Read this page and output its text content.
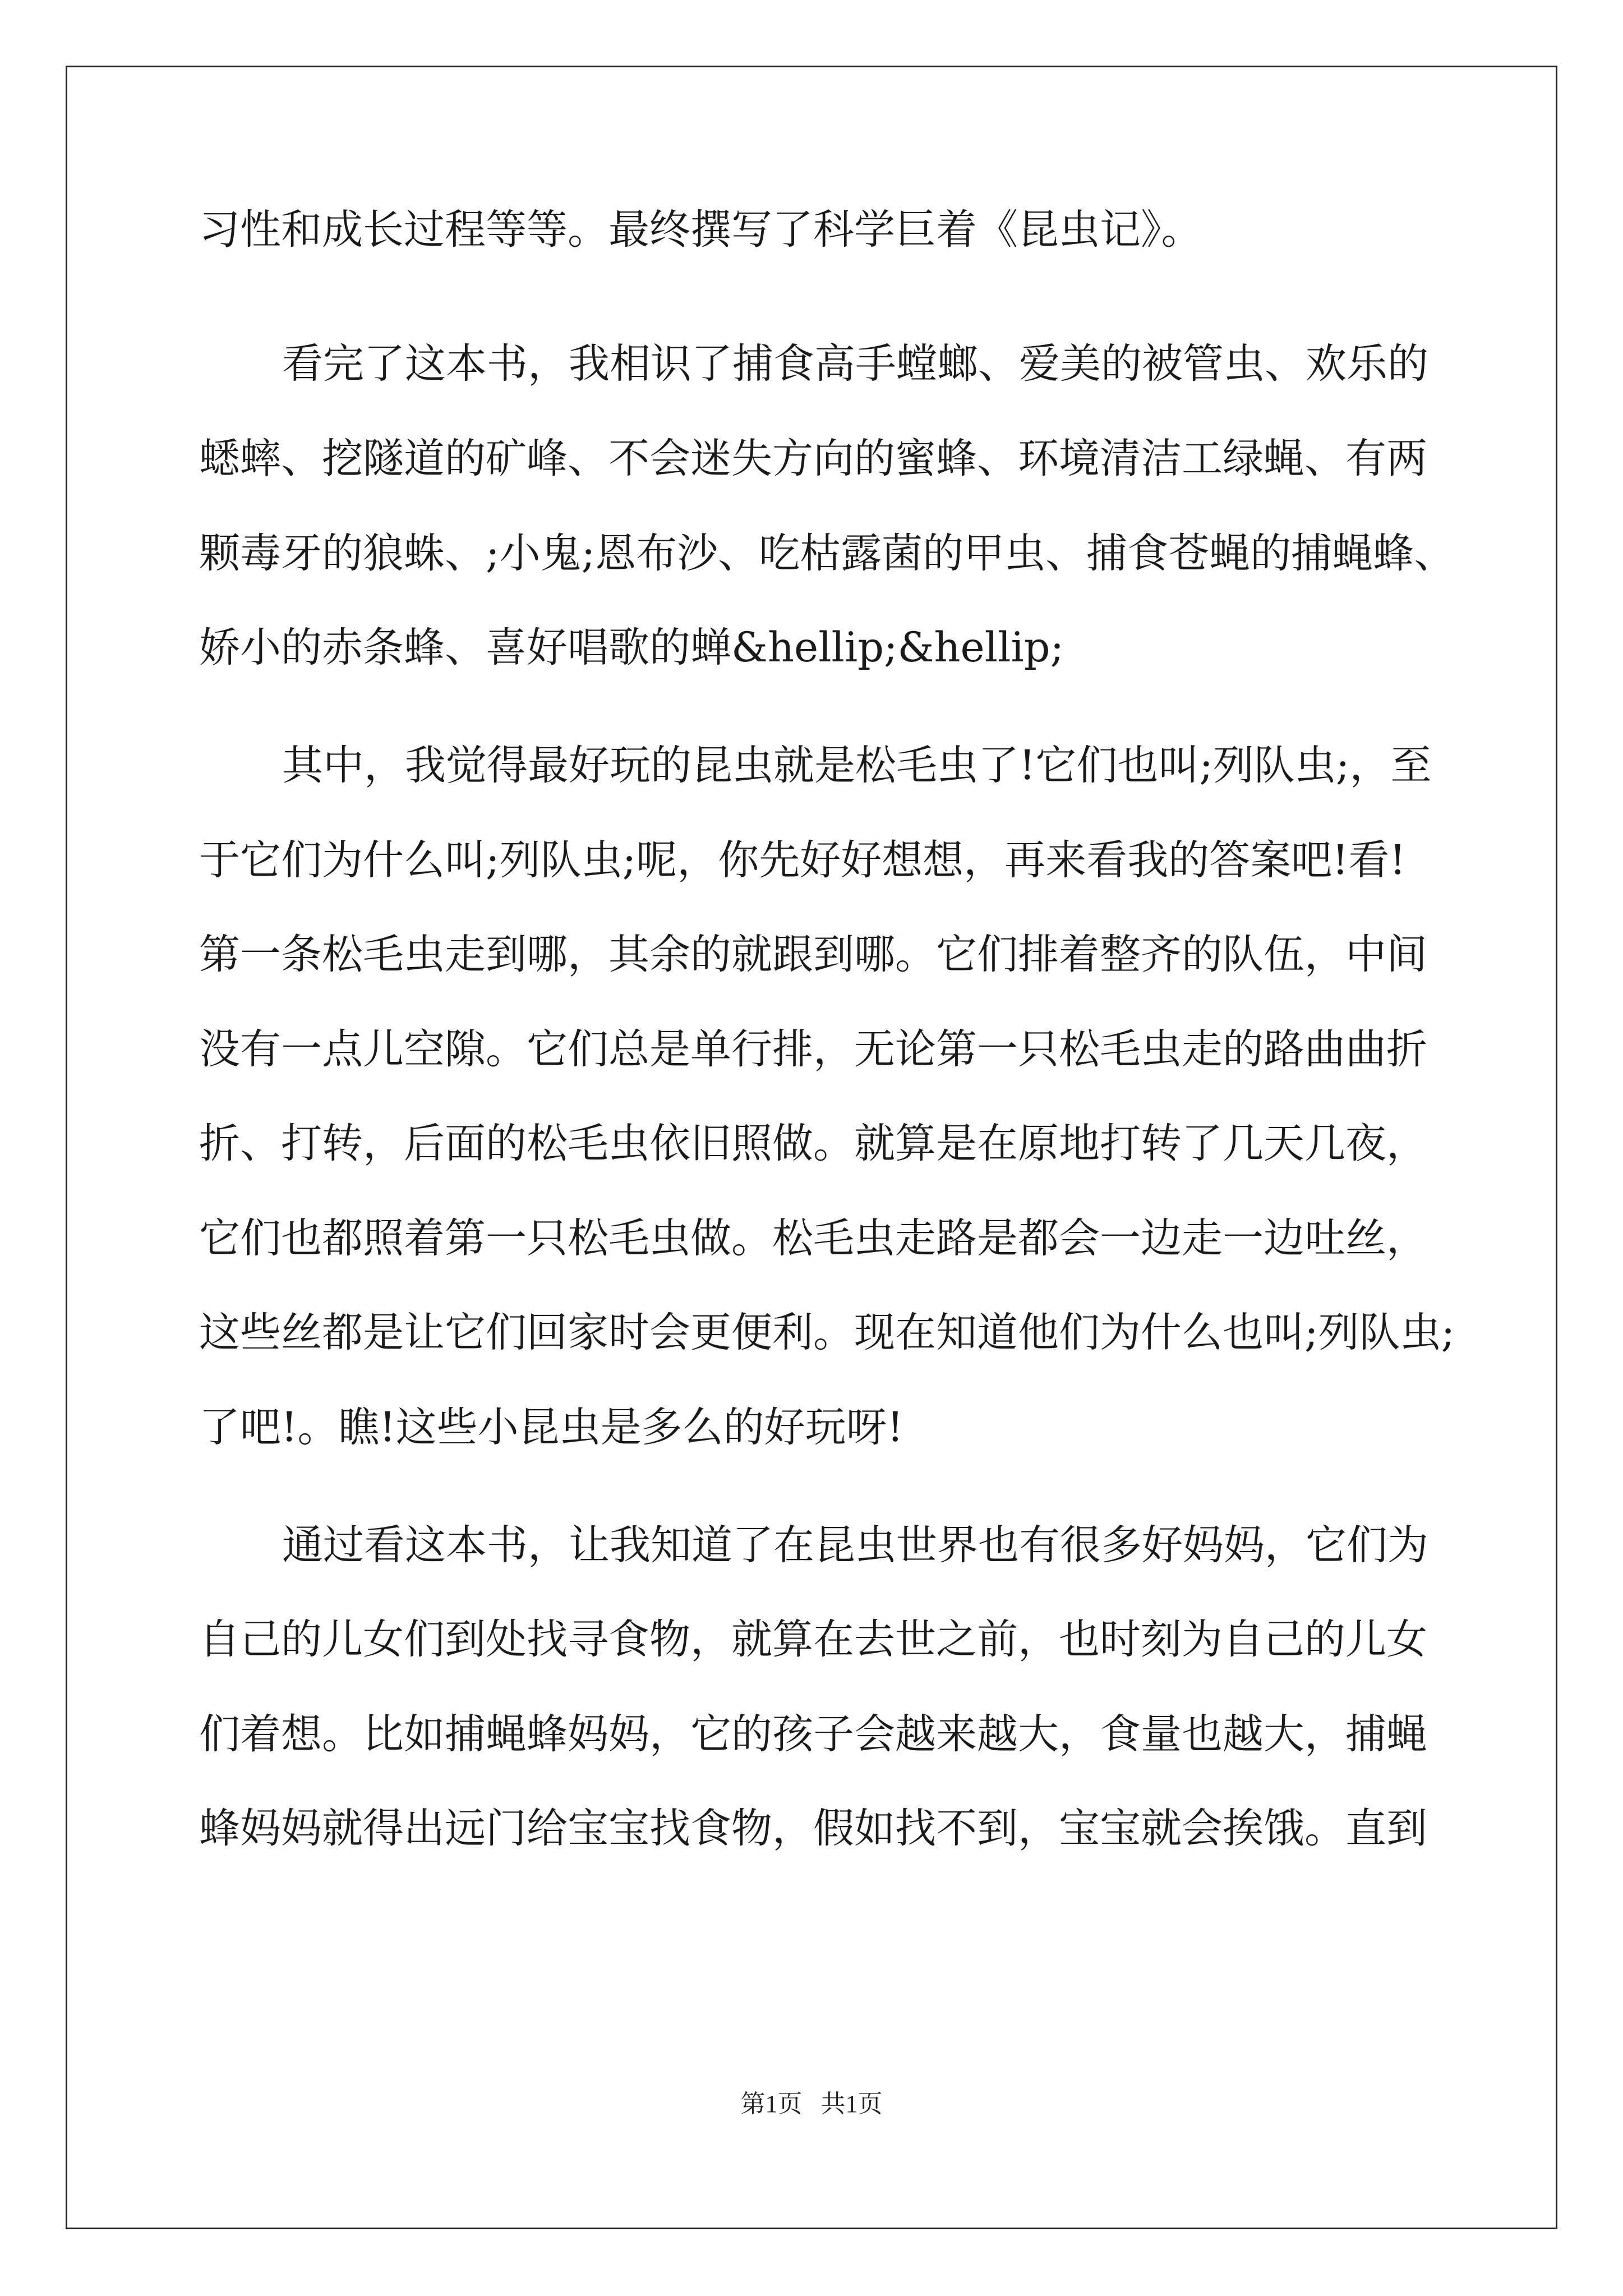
习性和成长过程等等。最终撰写了科学巨着《昆虫记》。

看完了这本书，我相识了捕食高手螳螂、爱美的被管虫、欢乐的

蟋蟀、挖隧道的矿峰、不会迷失方向的蜜蜂、环境清洁工绿蝇、有两

颗毒牙的狼蛛、;小鬼;恩布沙、吃枯露菌的甲虫、捕食苍蝇的捕蝇蜂、

娇小的赤条蜂、喜好唱歌的蝉&hellip;&hellip;

其中，我觉得最好玩的昆虫就是松毛虫了!它们也叫;列队虫;，至

于它们为什么叫;列队虫;呢，你先好好想想，再来看我的答案吧!看!

第一条松毛虫走到哪，其余的就跟到哪。它们排着整齐的队伍，中间

没有一点儿空隙。它们总是单行排，无论第一只松毛虫走的路曲曲折

折、打转，后面的松毛虫依旧照做。就算是在原地打转了几天几夜，

它们也都照着第一只松毛虫做。松毛虫走路是都会一边走一边吐丝，

这些丝都是让它们回家时会更便利。现在知道他们为什么也叫;列队虫;

了吧!。瞧!这些小昆虫是多么的好玩呀!

通过看这本书，让我知道了在昆虫世界也有很多好妈妈，它们为

自己的儿女们到处找寻食物，就算在去世之前，也时刻为自己的儿女

们着想。比如捕蝇蜂妈妈，它的孩子会越来越大，食量也越大，捕蝇

蜂妈妈就得出远门给宝宝找食物，假如找不到，宝宝就会挨饿。直到

第1页   共1页
